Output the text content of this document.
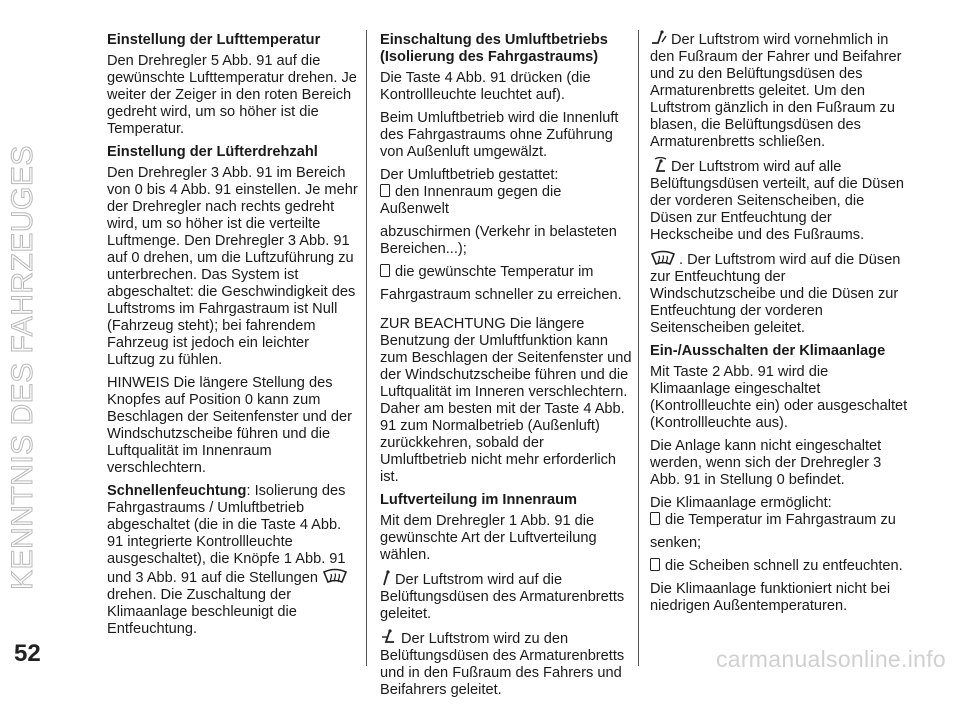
KENNTNIS DES FAHRZEUGES
Einstellung der Lufttemperatur

Den Drehregler 5 Abb. 91 auf die gewünschte Lufttemperatur drehen. Je weiter der Zeiger in den roten Bereich gedreht wird, um so höher ist die Temperatur.

Einstellung der Lüfterdrehzahl

Den Drehregler 3 Abb. 91 im Bereich von 0 bis 4 Abb. 91 einstellen. Je mehr der Drehregler nach rechts gedreht wird, um so höher ist die verteilte Luftmenge. Den Drehregler 3 Abb. 91 auf 0 drehen, um die Luftzuführung zu unterbrechen. Das System ist abgeschaltet: die Geschwindigkeit des Luftstroms im Fahrgastraum ist Null (Fahrzeug steht); bei fahrendem Fahrzeug ist jedoch ein leichter Luftzug zu fühlen.

HINWEIS Die längere Stellung des Knopfes auf Position 0 kann zum Beschlagen der Seitenfenster und der Windschutzscheibe führen und die Luftqualität im Innenraum verschlechtern.

Schnellenfeuchtung: Isolierung des Fahrgastraums / Umluftbetrieb abgeschaltet (die in die Taste 4 Abb. 91 integrierte Kontrollleuchte ausgeschaltet), die Knöpfe 1 Abb. 91 und 3 Abb. 91 auf die Stellungen
drehen. Die Zuschaltung der Klimaanlage beschleunigt die Entfeuchtung.

Einschaltung des Umluftbetriebs (Isolierung des Fahrgastraums)

Die Taste 4 Abb. 91 drücken (die Kontrollleuchte leuchtet auf).

Beim Umluftbetrieb wird die Innenluft des Fahrgastraums ohne Zuführung von Außenluft umgewälzt.

Der Umluftbetrieb gestattet:
den Innenraum gegen die Außenwelt

abzuschirmen (Verkehr in belasteten Bereichen...);

die gewünschte Temperatur im

Fahrgastraum schneller zu erreichen.

ZUR BEACHTUNG Die längere Benutzung der Umluftfunktion kann zum Beschlagen der Seitenfenster und der Windschutzscheibe führen und die Luftqualität im Inneren verschlechtern. Daher am besten mit der Taste 4 Abb. 91 zum Normalbetrieb (Außenluft) zurückkehren, sobald der Umluftbetrieb nicht mehr erforderlich ist.

Luftverteilung im Innenraum

Mit dem Drehregler 1 Abb. 91 die gewünschte Art der Luftverteilung wählen.

Der Luftstrom wird auf die Belüftungsdüsen des Armaturenbretts geleitet.

Der Luftstrom wird zu den Belüftungsdüsen des Armaturenbretts und in den Fußraum des Fahrers und Beifahrers geleitet.

Der Luftstrom wird vornehmlich in den Fußraum der Fahrer und Beifahrer und zu den Belüftungsdüsen des Armaturenbretts geleitet. Um den Luftstrom gänzlich in den Fußraum zu blasen, die Belüftungsdüsen des Armaturenbretts schließen.

Der Luftstrom wird auf alle Belüftungsdüsen verteilt, auf die Düsen der vorderen Seitenscheiben, die Düsen zur Entfeuchtung der Heckscheibe und des Fußraums.

. Der Luftstrom wird auf die Düsen zur Entfeuchtung der Windschutzscheibe und die Düsen zur Entfeuchtung der vorderen Seitenscheiben geleitet.

Ein-/Ausschalten der Klimaanlage

Mit Taste 2 Abb. 91 wird die Klimaanlage eingeschaltet (Kontrollleuchte ein) oder ausgeschaltet (Kontrollleuchte aus).

Die Anlage kann nicht eingeschaltet werden, wenn sich der Drehregler 3 Abb. 91 in Stellung 0 befindet.

Die Klimaanlage ermöglicht:
die Temperatur im Fahrgastraum zu

senken;

die Scheiben schnell zu entfeuchten.

Die Klimaanlage funktioniert nicht bei niedrigen Außentemperaturen.

52	carmanualsonline.info
